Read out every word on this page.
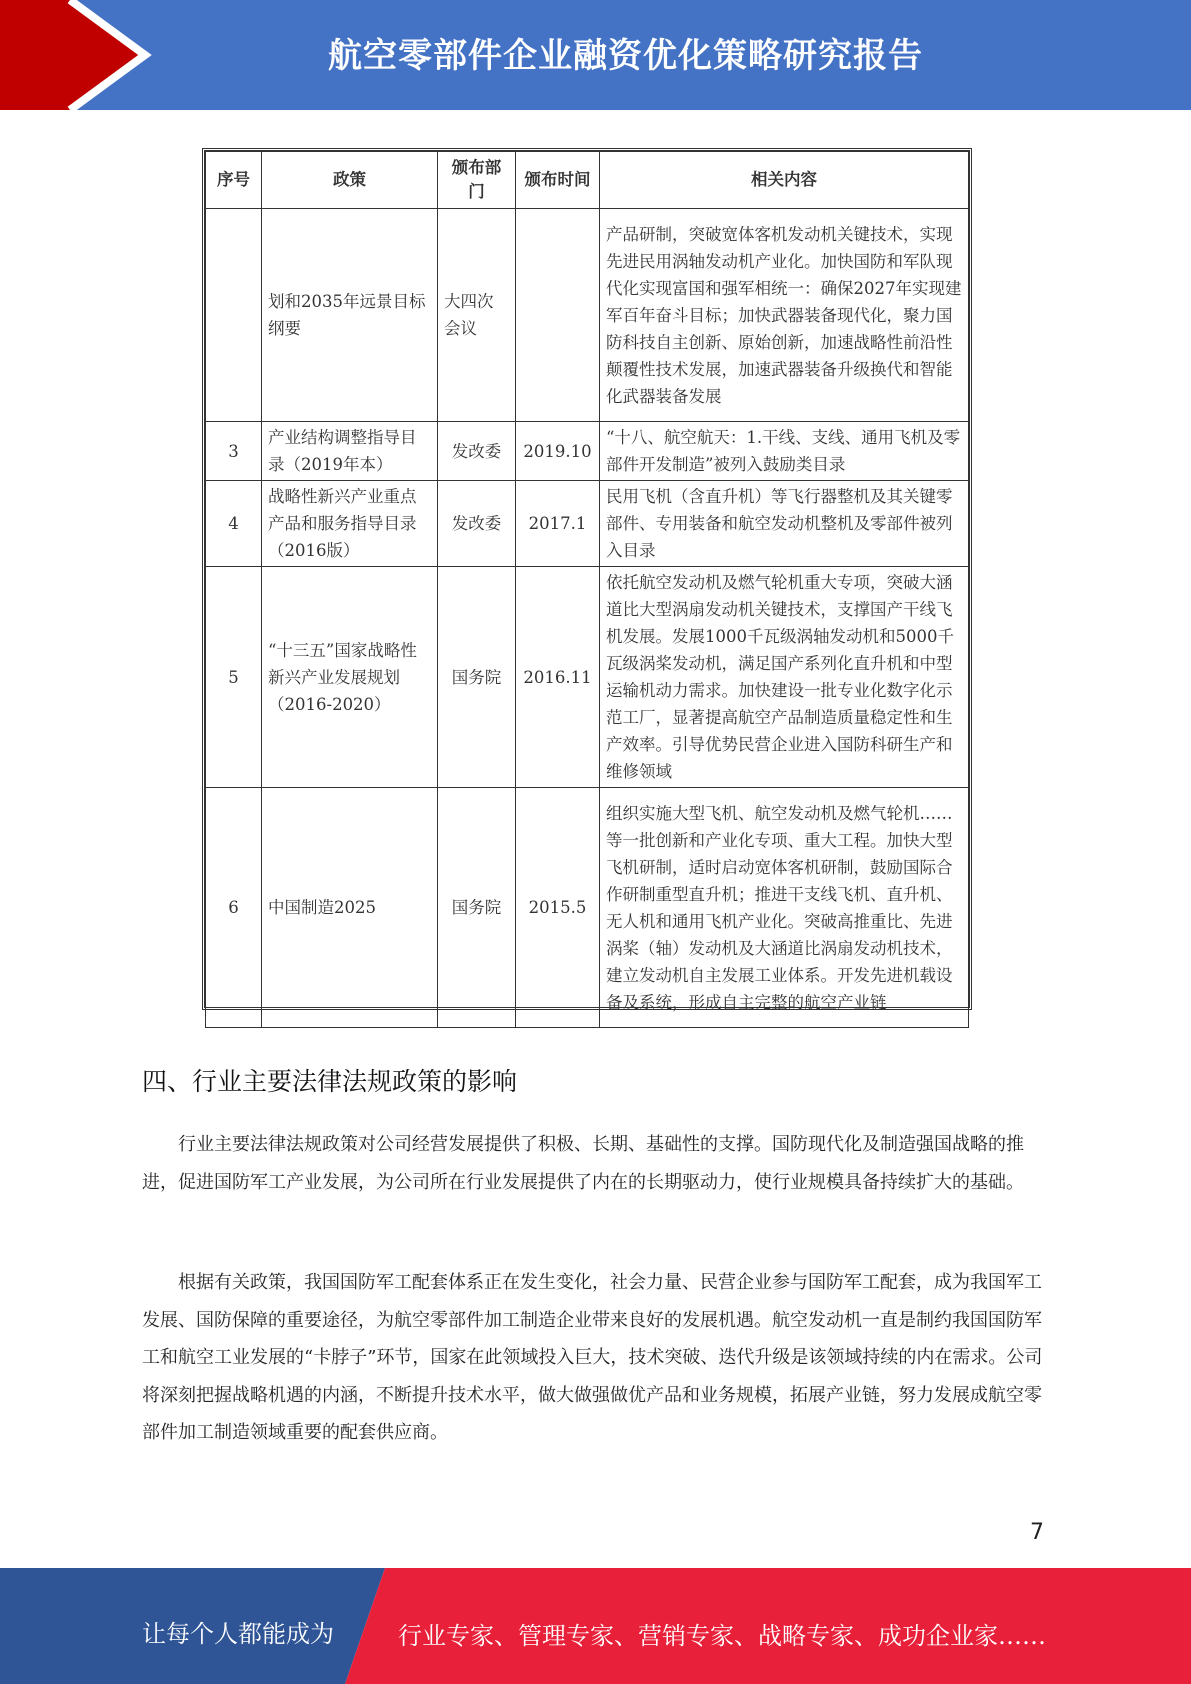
航空零部件企业融资优化策略研究报告
序号	政策	颁布部门	颁布时间	相关内容
	划和2035年远景目标纲要	大四次会议		产品研制，突破宽体客机发动机关键技术，实现先进民用涡轴发动机产业化。加快国防和军队现代化实现富国和强军相统一：确保2027年实现建军百年奋斗目标；加快武器装备现代化，聚力国防科技自主创新、原始创新，加速战略性前沿性颠覆性技术发展，加速武器装备升级换代和智能化武器装备发展
3	产业结构调整指导目录（2019年本）	发改委	2019.10	“十八、航空航天：1.干线、支线、通用飞机及零部件开发制造”被列入鼓励类目录
4	战略性新兴产业重点产品和服务指导目录（2016版）	发改委	2017.1	民用飞机（含直升机）等飞行器整机及其关键零部件、专用装备和航空发动机整机及零部件被列入目录
5	“十三五”国家战略性新兴产业发展规划（2016-2020）	国务院	2016.11	依托航空发动机及燃气轮机重大专项，突破大涵道比大型涡扇发动机关键技术，支撑国产干线飞机发展。发展1000千瓦级涡轴发动机和5000千瓦级涡桨发动机，满足国产系列化直升机和中型运输机动力需求。加快建设一批专业化数字化示范工厂，显著提高航空产品制造质量稳定性和生产效率。引导优势民营企业进入国防科研生产和维修领域
6	中国制造2025	国务院	2015.5	组织实施大型飞机、航空发动机及燃气轮机……等一批创新和产业化专项、重大工程。加快大型飞机研制，适时启动宽体客机研制，鼓励国际合作研制重型直升机；推进干支线飞机、直升机、无人机和通用飞机产业化。突破高推重比、先进涡桨（轴）发动机及大涵道比涡扇发动机技术，建立发动机自主发展工业体系。开发先进机载设备及系统，形成自主完整的航空产业链
四、行业主要法律法规政策的影响

行业主要法律法规政策对公司经营发展提供了积极、长期、基础性的支撑。国防现代化及制造强国战略的推进，促进国防军工产业发展，为公司所在行业发展提供了内在的长期驱动力，使行业规模具备持续扩大的基础。

根据有关政策，我国国防军工配套体系正在发生变化，社会力量、民营企业参与国防军工配套，成为我国军工发展、国防保障的重要途径，为航空零部件加工制造企业带来良好的发展机遇。航空发动机一直是制约我国国防军工和航空工业发展的“卡脖子”环节，国家在此领域投入巨大，技术突破、迭代升级是该领域持续的内在需求。公司将深刻把握战略机遇的内涵，不断提升技术水平，做大做强做优产品和业务规模，拓展产业链，努力发展成航空零部件加工制造领域重要的配套供应商。

7
让每个人都能成为	行业专家、管理专家、营销专家、战略专家、成功企业家……
